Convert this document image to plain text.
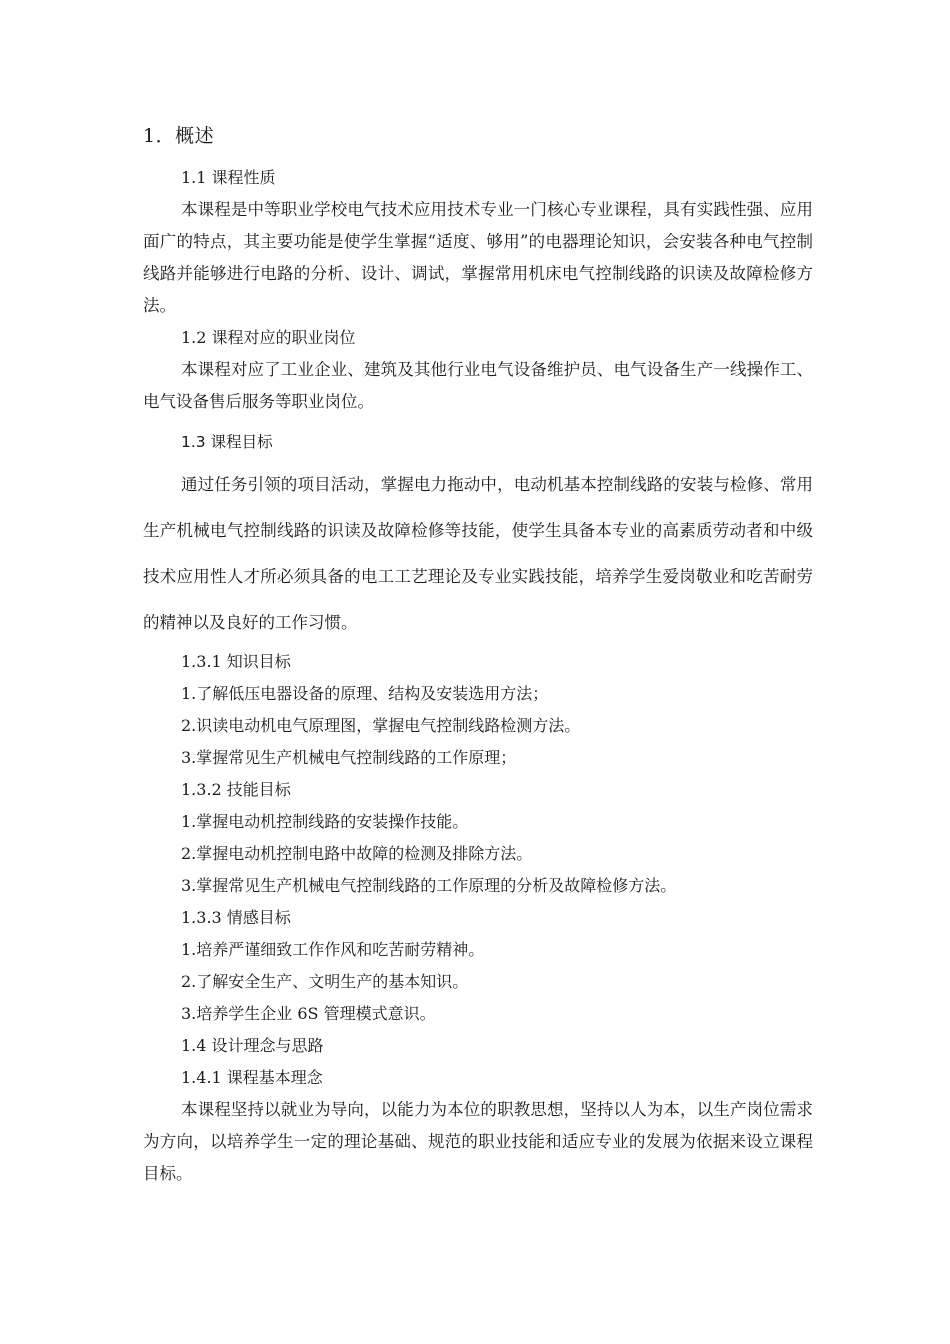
1．概述

1.1 课程性质

本课程是中等职业学校电气技术应用技术专业一门核心专业课程，具有实践性强、应用面广的特点，其主要功能是使学生掌握“适度、够用”的电器理论知识，会安装各种电气控制线路并能够进行电路的分析、设计、调试，掌握常用机床电气控制线路的识读及故障检修方法。

1.2 课程对应的职业岗位

本课程对应了工业企业、建筑及其他行业电气设备维护员、电气设备生产一线操作工、电气设备售后服务等职业岗位。

1.3 课程目标

通过任务引领的项目活动，掌握电力拖动中，电动机基本控制线路的安装与检修、常用生产机械电气控制线路的识读及故障检修等技能，使学生具备本专业的高素质劳动者和中级技术应用性人才所必须具备的电工工艺理论及专业实践技能，培养学生爱岗敬业和吃苦耐劳的精神以及良好的工作习惯。

1.3.1 知识目标

1.了解低压电器设备的原理、结构及安装选用方法；

2.识读电动机电气原理图，掌握电气控制线路检测方法。

3.掌握常见生产机械电气控制线路的工作原理；

1.3.2 技能目标

1.掌握电动机控制线路的安装操作技能。

2.掌握电动机控制电路中故障的检测及排除方法。

3.掌握常见生产机械电气控制线路的工作原理的分析及故障检修方法。

1.3.3 情感目标

1.培养严谨细致工作作风和吃苦耐劳精神。

2.了解安全生产、文明生产的基本知识。

3.培养学生企业 6S 管理模式意识。

1.4 设计理念与思路

1.4.1 课程基本理念

本课程坚持以就业为导向，以能力为本位的职教思想，坚持以人为本，以生产岗位需求为方向，以培养学生一定的理论基础、规范的职业技能和适应专业的发展为依据来设立课程目标。
